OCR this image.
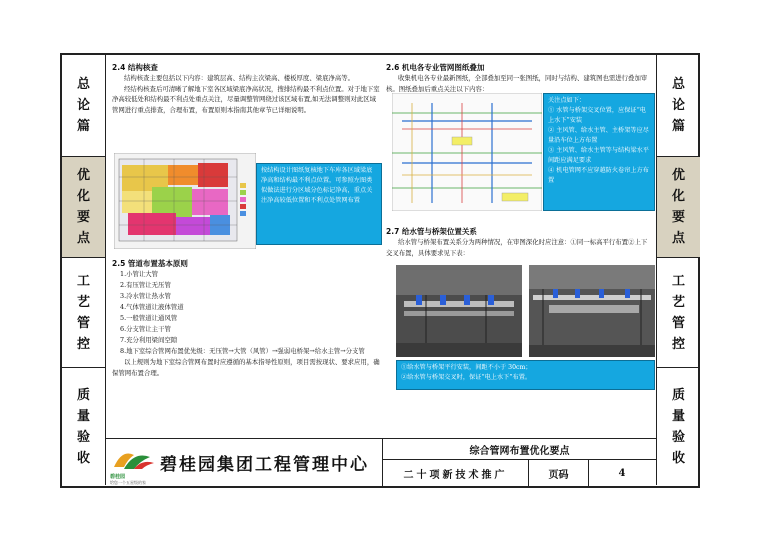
总
论
篇
优
化
要
点
工
艺
管
控
质
量
验
收
总
论
篇
优
化
要
点
工
艺
管
控
质
量
验
收
2.4 结构核查
结构核查主要包括以下内容：建筑层高、结构主次梁高、楼板厚度、梁底净高等。
经结构核查后可清晰了解地下室各区域梁底净高状况，搜排结构最不利点位置。对于地下室净高较低处和结构最不利点处重点关注，尽量调整管网绕过该区域布置,如无法调整则对此区域管网进行重点排查，合理布置，布置原则本指南其他章节已详细说明。
按结构设计图纸复核地下车库各区域梁底净高和结构最不利点位置，可参照左图类似做法进行分区域分色标记净高，重点关注净高较低位置和不利点处管网布置
2.5 管道布置基本原则
1.小管让大管
2.有压管让无压管
3.冷水管让热水管
4.气体管道让液体管道
5.一般管道让通风管
6.分支管让主干管
7.充分利用梁间空隙
8.地下室综合管网布置优先级：无压管→大管（风管）→强弱电桥架→给水主管→分支管
以上规则为地下室综合管网布置时应遵循的基本指导性原则，项目需按现状、要求应用，确保管网布置合理。
2.6 机电各专业管网图纸叠加
收集机电各专业最新图纸，全部叠加至同一张图纸，同时与结构、建筑图也需进行叠加审核。图纸叠加后重点关注以下内容：
关注点如下：
① 水管与桥架交叉位置，应保证“电上水下”安装
② 主风管、给水主管、主桥架等应尽量沿车位上方布置
③ 主风管、给水主管等与结构梁水平间距应满足要求
④ 机电管网不应穿越防火卷帘上方布置
2.7 给水管与桥架位置关系
给水管与桥架布置关系分为两种情况，在审图深化时应注意：①同一标高平行布置②上下交叉布置，具体要求见下表：
①给水管与桥架平行安装，间距不小于 30cm；
②给水管与桥架交叉时，保证“电上水下”布置。
碧桂园
给您一个五星级的家
碧桂园集团工程管理中心
综合管网布置优化要点
二十项新技术推广	页码	4
